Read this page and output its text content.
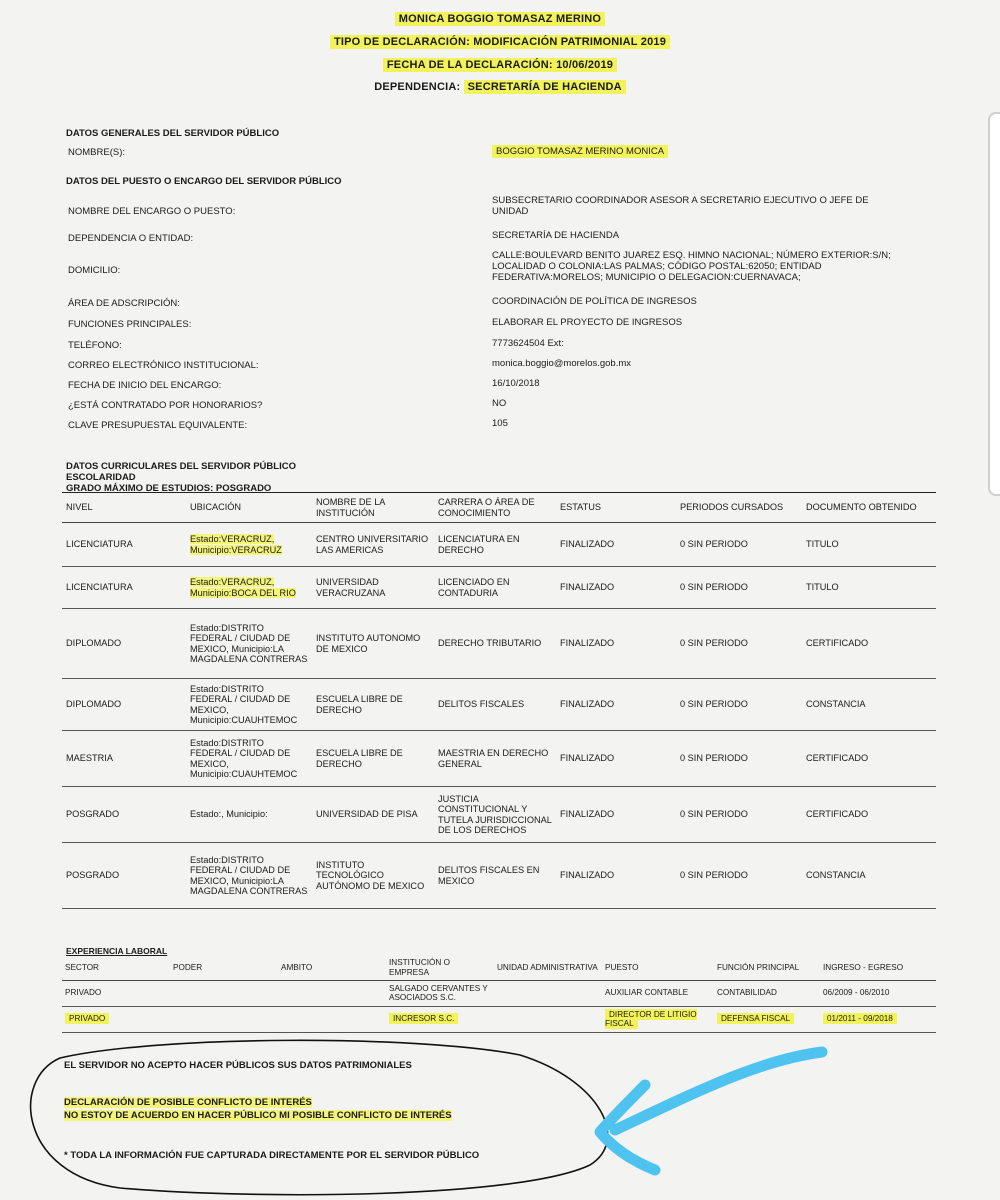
MONICA BOGGIO TOMASAZ MERINO
TIPO DE DECLARACIÓN: MODIFICACIÓN PATRIMONIAL 2019
FECHA DE LA DECLARACIÓN: 10/06/2019
DEPENDENCIA: SECRETARÍA DE HACIENDA
DATOS GENERALES DEL SERVIDOR PÚBLICO
NOMBRE(S):	BOGGIO TOMASAZ MERINO MONICA
DATOS DEL PUESTO O ENCARGO DEL SERVIDOR PÚBLICO
NOMBRE DEL ENCARGO O PUESTO:
SUBSECRETARIO COORDINADOR ASESOR A SECRETARIO EJECUTIVO O JEFE DE UNIDAD
DEPENDENCIA O ENTIDAD:	SECRETARÍA DE HACIENDA
DOMICILIO:
CALLE:BOULEVARD BENITO JUAREZ ESQ. HIMNO NACIONAL; NÚMERO EXTERIOR:S/N; LOCALIDAD O COLONIA:LAS PALMAS; CÓDIGO POSTAL:62050; ENTIDAD FEDERATIVA:MORELOS; MUNICIPIO O DELEGACION:CUERNAVACA;
ÁREA DE ADSCRIPCIÓN:	COORDINACIÓN DE POLÍTICA DE INGRESOS
FUNCIONES PRINCIPALES:	ELABORAR EL PROYECTO DE INGRESOS
TELÉFONO:	7773624504 Ext:
CORREO ELECTRÓNICO INSTITUCIONAL:	monica.boggio@morelos.gob.mx
FECHA DE INICIO DEL ENCARGO:	16/10/2018
¿ESTÁ CONTRATADO POR HONORARIOS?	NO
CLAVE PRESUPUESTAL EQUIVALENTE:	105
DATOS CURRICULARES DEL SERVIDOR PÚBLICO
ESCOLARIDAD
GRADO MÁXIMO DE ESTUDIOS: POSGRADO
NIVEL	UBICACIÓN	NOMBRE DE LA INSTITUCIÓN	CARRERA O ÁREA DE CONOCIMIENTO	ESTATUS	PERIODOS CURSADOS	DOCUMENTO OBTENIDO
LICENCIATURA	Estado:VERACRUZ, Municipio:VERACRUZ	CENTRO UNIVERSITARIO LAS AMERICAS	LICENCIATURA EN DERECHO	FINALIZADO	0 SIN PERIODO	TITULO
LICENCIATURA	Estado:VERACRUZ, Municipio:BOCA DEL RIO	UNIVERSIDAD VERACRUZANA	LICENCIADO EN CONTADURIA	FINALIZADO	0 SIN PERIODO	TITULO
DIPLOMADO	Estado:DISTRITO FEDERAL / CIUDAD DE MEXICO, Municipio:LA MAGDALENA CONTRERAS	INSTITUTO AUTONOMO DE MEXICO	DERECHO TRIBUTARIO	FINALIZADO	0 SIN PERIODO	CERTIFICADO
DIPLOMADO	Estado:DISTRITO FEDERAL / CIUDAD DE MEXICO, Municipio:CUAUHTEMOC	ESCUELA LIBRE DE DERECHO	DELITOS FISCALES	FINALIZADO	0 SIN PERIODO	CONSTANCIA
MAESTRIA	Estado:DISTRITO FEDERAL / CIUDAD DE MEXICO, Municipio:CUAUHTEMOC	ESCUELA LIBRE DE DERECHO	MAESTRIA EN DERECHO GENERAL	FINALIZADO	0 SIN PERIODO	CERTIFICADO
POSGRADO	Estado:, Municipio:	UNIVERSIDAD DE PISA	JUSTICIA CONSTITUCIONAL Y TUTELA JURISDICCIONAL DE LOS DERECHOS	FINALIZADO	0 SIN PERIODO	CERTIFICADO
POSGRADO	Estado:DISTRITO FEDERAL / CIUDAD DE MEXICO, Municipio:LA MAGDALENA CONTRERAS	INSTITUTO TECNOLÓGICO AUTÓNOMO DE MEXICO	DELITOS FISCALES EN MEXICO	FINALIZADO	0 SIN PERIODO	CONSTANCIA
EXPERIENCIA LABORAL
SECTOR	PODER	AMBITO	INSTITUCIÓN O EMPRESA	UNIDAD ADMINISTRATIVA	PUESTO	FUNCIÓN PRINCIPAL	INGRESO - EGRESO
PRIVADO			SALGADO CERVANTES Y ASOCIADOS S.C.		AUXILIAR CONTABLE	CONTABILIDAD	06/2009 - 06/2010
PRIVADO			INCRESOR S.C.		DIRECTOR DE LITIGIO FISCAL	DEFENSA FISCAL	01/2011 - 09/2018
EL SERVIDOR NO ACEPTO HACER PÚBLICOS SUS DATOS PATRIMONIALES
DECLARACIÓN DE POSIBLE CONFLICTO DE INTERÉS
NO ESTOY DE ACUERDO EN HACER PÚBLICO MI POSIBLE CONFLICTO DE INTERÉS
* TODA LA INFORMACIÓN FUE CAPTURADA DIRECTAMENTE POR EL SERVIDOR PÚBLICO
